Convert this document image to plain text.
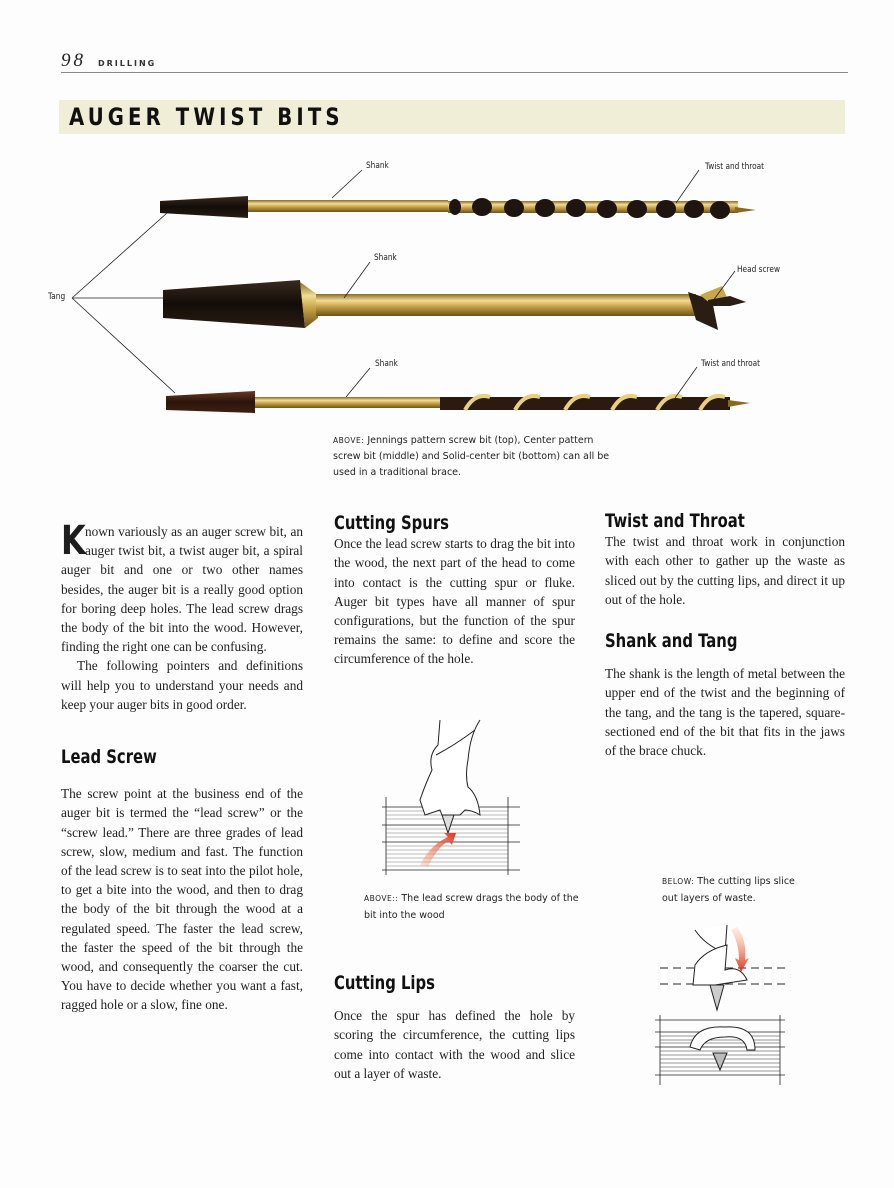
98 DRILLING
AUGER TWIST BITS
Tang
Shank
Shank
Shank
Twist and throat
Head screw
Twist and throat
ABOVE: Jennings pattern screw bit (top), Center pattern screw bit (middle) and Solid-center bit (bottom) can all be used in a traditional brace.

Known variously as an auger screw bit, an auger twist bit, a twist auger bit, a spiral auger bit and one or two other names besides, the auger bit is a really good option for boring deep holes. The lead screw drags the body of the bit into the wood. However, finding the right one can be confusing.

The following pointers and definitions will help you to understand your needs and keep your auger bits in good order.

Lead Screw

The screw point at the business end of the auger bit is termed the “lead screw” or the “screw lead.” There are three grades of lead screw, slow, medium and fast. The function of the lead screw is to seat into the pilot hole, to get a bite into the wood, and then to drag the body of the bit through the wood at a regulated speed. The faster the lead screw, the faster the speed of the bit through the wood, and consequently the coarser the cut. You have to decide whether you want a fast, ragged hole or a slow, fine one.

Cutting Spurs

Once the lead screw starts to drag the bit into the wood, the next part of the head to come into contact is the cutting spur or fluke. Auger bit types have all manner of spur configurations, but the function of the spur remains the same: to define and score the circumference of the hole.

ABOVE:: The lead screw drags the body of the bit into the wood
Cutting Lips

Once the spur has defined the hole by scoring the circumference, the cutting lips come into contact with the wood and slice out a layer of waste.

Twist and Throat

The twist and throat work in conjunction with each other to gather up the waste as sliced out by the cutting lips, and direct it up out of the hole.

Shank and Tang

The shank is the length of metal between the upper end of the twist and the beginning of the tang, and the tang is the tapered, square-sectioned end of the bit that fits in the jaws of the brace chuck.

BELOW: The cutting lips slice out layers of waste.
